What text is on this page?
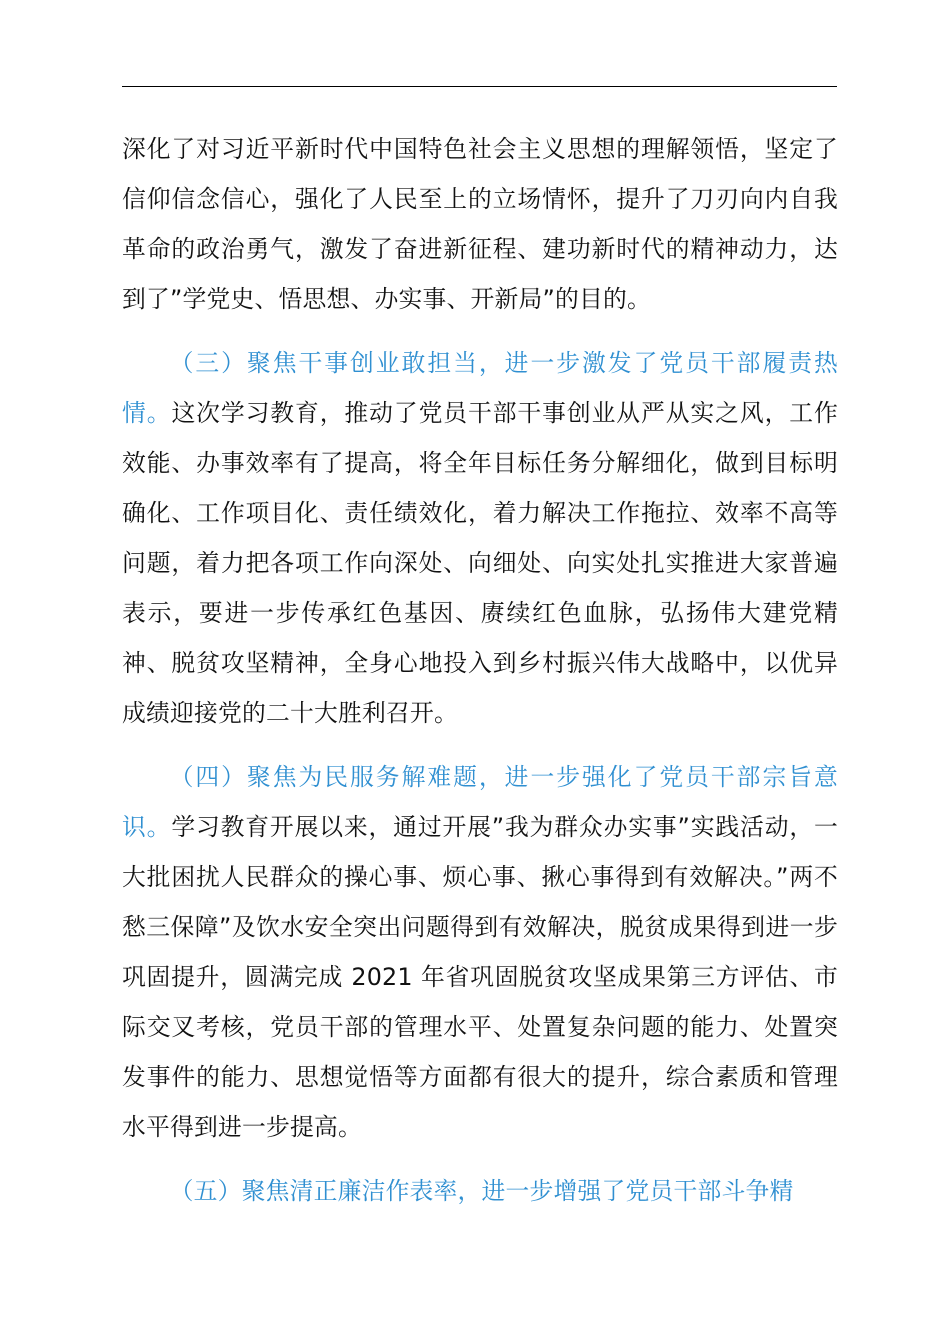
深化了对习近平新时代中国特色社会主义思想的理解领悟，坚定了信仰信念信心，强化了人民至上的立场情怀，提升了刀刃向内自我革命的政治勇气，激发了奋进新征程、建功新时代的精神动力，达到了”学党史、悟思想、办实事、开新局”的目的。

（三）聚焦干事创业敢担当，进一步激发了党员干部履责热情。这次学习教育，推动了党员干部干事创业从严从实之风，工作效能、办事效率有了提高，将全年目标任务分解细化，做到目标明确化、工作项目化、责任绩效化，着力解决工作拖拉、效率不高等问题，着力把各项工作向深处、向细处、向实处扎实推进大家普遍表示，要进一步传承红色基因、赓续红色血脉，弘扬伟大建党精神、脱贫攻坚精神，全身心地投入到乡村振兴伟大战略中，以优异成绩迎接党的二十大胜利召开。

（四）聚焦为民服务解难题，进一步强化了党员干部宗旨意识。学习教育开展以来，通过开展”我为群众办实事”实践活动，一大批困扰人民群众的操心事、烦心事、揪心事得到有效解决。”两不愁三保障”及饮水安全突出问题得到有效解决，脱贫成果得到进一步巩固提升，圆满完成 2021 年省巩固脱贫攻坚成果第三方评估、市际交叉考核，党员干部的管理水平、处置复杂问题的能力、处置突发事件的能力、思想觉悟等方面都有很大的提升，综合素质和管理水平得到进一步提高。

（五）聚焦清正廉洁作表率，进一步增强了党员干部斗争精
